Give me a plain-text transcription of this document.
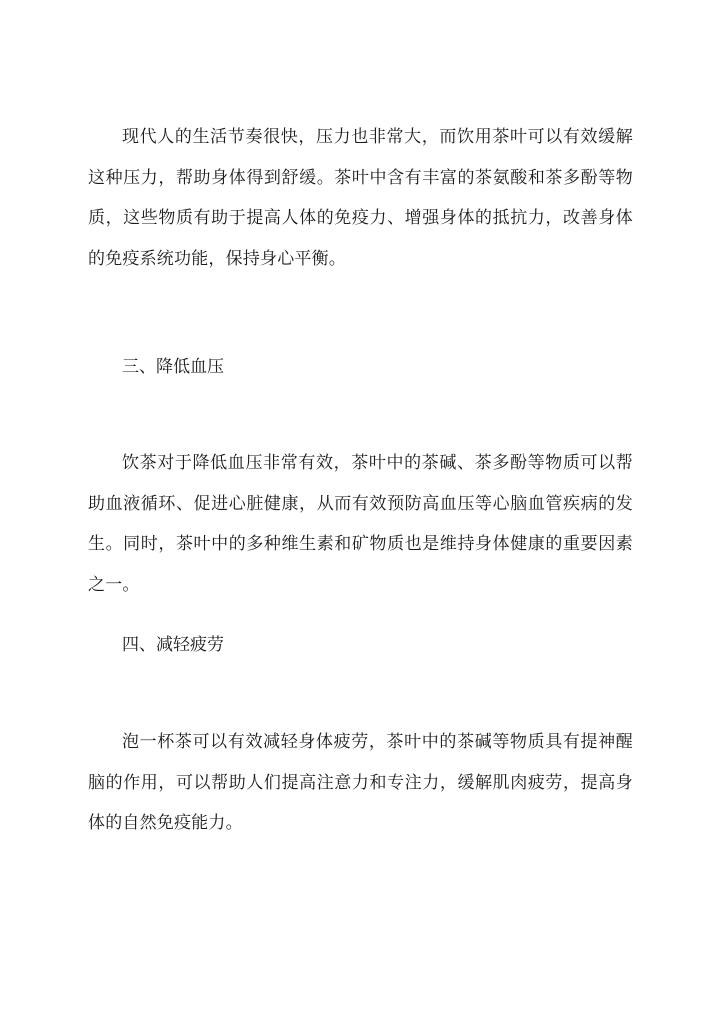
现代人的生活节奏很快，压力也非常大，而饮用茶叶可以有效缓解这种压力，帮助身体得到舒缓。茶叶中含有丰富的茶氨酸和茶多酚等物质，这些物质有助于提高人体的免疫力、增强身体的抵抗力，改善身体的免疫系统功能，保持身心平衡。

三、降低血压

饮茶对于降低血压非常有效，茶叶中的茶碱、茶多酚等物质可以帮助血液循环、促进心脏健康，从而有效预防高血压等心脑血管疾病的发生。同时，茶叶中的多种维生素和矿物质也是维持身体健康的重要因素之一。

四、减轻疲劳

泡一杯茶可以有效减轻身体疲劳，茶叶中的茶碱等物质具有提神醒脑的作用，可以帮助人们提高注意力和专注力，缓解肌肉疲劳，提高身体的自然免疫能力。
